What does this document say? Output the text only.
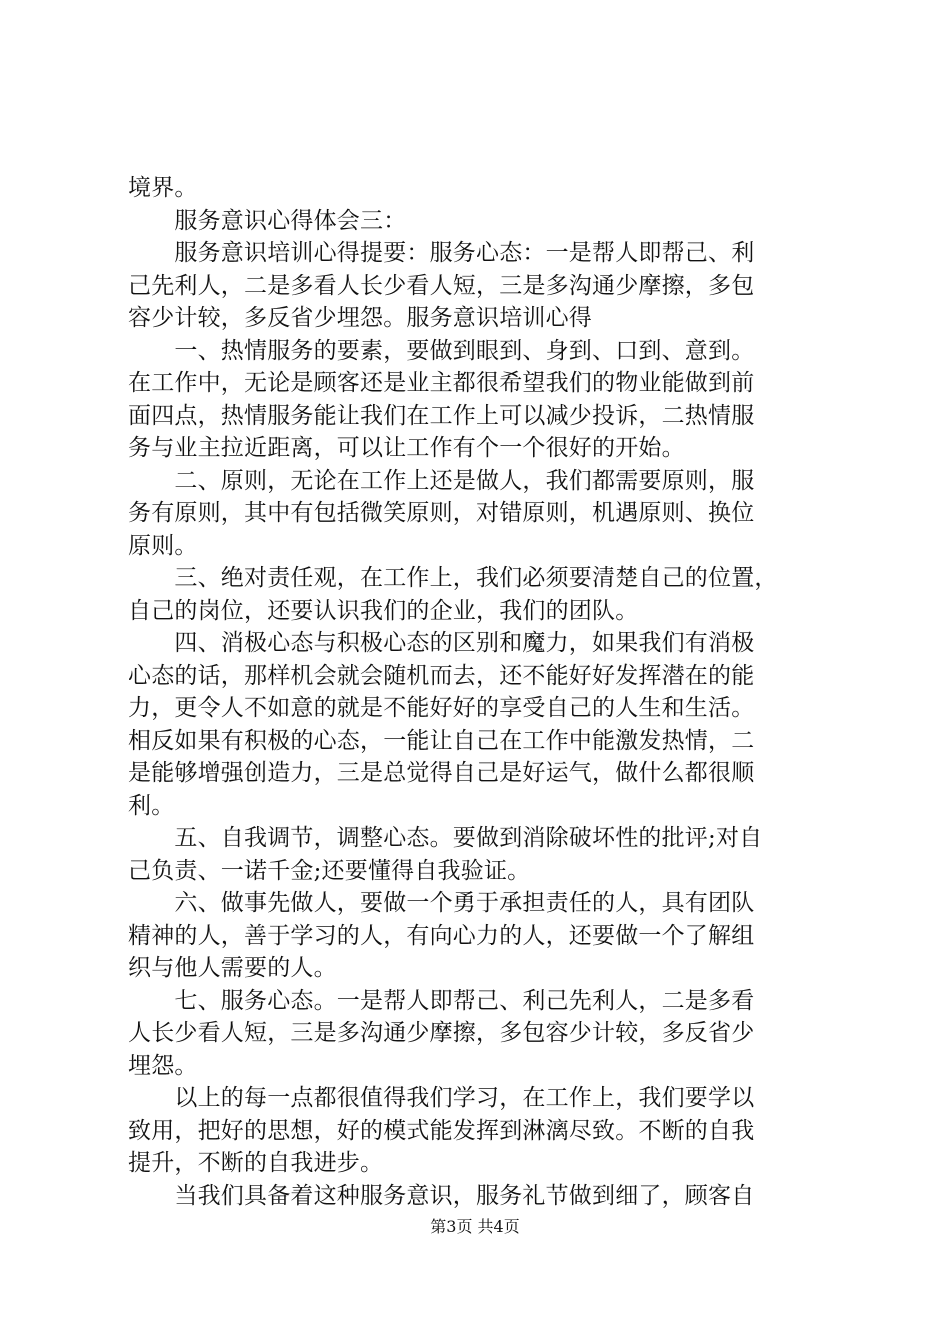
境界。
　　服务意识心得体会三：
　　服务意识培训心得提要：服务心态：一是帮人即帮己、利
己先利人，二是多看人长少看人短，三是多沟通少摩擦，多包
容少计较，多反省少埋怨。服务意识培训心得
　　一、热情服务的要素，要做到眼到、身到、口到、意到。
在工作中，无论是顾客还是业主都很希望我们的物业能做到前
面四点，热情服务能让我们在工作上可以减少投诉，二热情服
务与业主拉近距离，可以让工作有个一个很好的开始。
　　二、原则，无论在工作上还是做人，我们都需要原则，服
务有原则，其中有包括微笑原则，对错原则，机遇原则、换位
原则。
　　三、绝对责任观，在工作上，我们必须要清楚自己的位置，
自己的岗位，还要认识我们的企业，我们的团队。
　　四、消极心态与积极心态的区别和魔力，如果我们有消极
心态的话，那样机会就会随机而去，还不能好好发挥潜在的能
力，更令人不如意的就是不能好好的享受自己的人生和生活。
相反如果有积极的心态，一能让自己在工作中能激发热情，二
是能够增强创造力，三是总觉得自己是好运气，做什么都很顺
利。
　　五、自我调节，调整心态。要做到消除破坏性的批评;对自
己负责、一诺千金;还要懂得自我验证。
　　六、做事先做人，要做一个勇于承担责任的人，具有团队
精神的人，善于学习的人，有向心力的人，还要做一个了解组
织与他人需要的人。
　　七、服务心态。一是帮人即帮己、利己先利人，二是多看
人长少看人短，三是多沟通少摩擦，多包容少计较，多反省少
埋怨。
　　以上的每一点都很值得我们学习，在工作上，我们要学以
致用，把好的思想，好的模式能发挥到淋漓尽致。不断的自我
提升，不断的自我进步。
　　当我们具备着这种服务意识，服务礼节做到细了，顾客自
第3页 共4页
